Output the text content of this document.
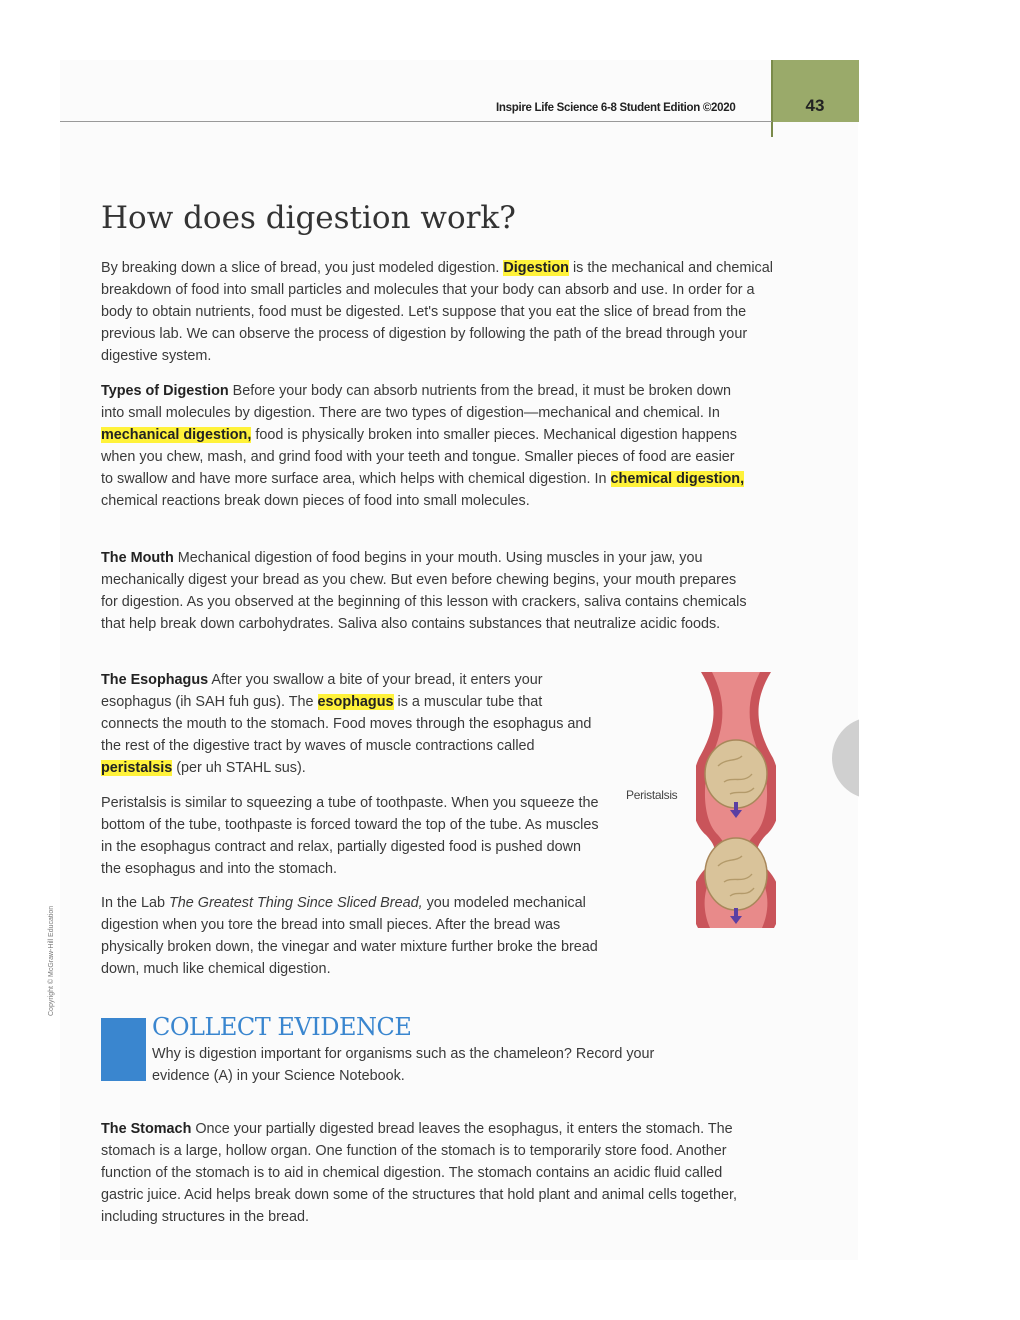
43
Inspire Life Science 6-8 Student Edition ©2020
How does digestion work?

By breaking down a slice of bread, you just modeled digestion. Digestion is the mechanical and chemical breakdown of food into small particles and molecules that your body can absorb and use. In order for a body to obtain nutrients, food must be digested. Let's suppose that you eat the slice of bread from the previous lab. We can observe the process of digestion by following the path of the bread through your digestive system.

Types of Digestion Before your body can absorb nutrients from the bread, it must be broken down into small molecules by digestion. There are two types of digestion—mechanical and chemical. In mechanical digestion, food is physically broken into smaller pieces. Mechanical digestion happens when you chew, mash, and grind food with your teeth and tongue. Smaller pieces of food are easier to swallow and have more surface area, which helps with chemical digestion. In chemical digestion, chemical reactions break down pieces of food into small molecules.

The Mouth Mechanical digestion of food begins in your mouth. Using muscles in your jaw, you mechanically digest your bread as you chew. But even before chewing begins, your mouth prepares for digestion. As you observed at the beginning of this lesson with crackers, saliva contains chemicals that help break down carbohydrates. Saliva also contains substances that neutralize acidic foods.

The Esophagus After you swallow a bite of your bread, it enters your esophagus (ih SAH fuh gus). The esophagus is a muscular tube that connects the mouth to the stomach. Food moves through the esophagus and the rest of the digestive tract by waves of muscle contractions called peristalsis (per uh STAHL sus).

Peristalsis is similar to squeezing a tube of toothpaste. When you squeeze the bottom of the tube, toothpaste is forced toward the top of the tube. As muscles in the esophagus contract and relax, partially digested food is pushed down the esophagus and into the stomach.

In the Lab The Greatest Thing Since Sliced Bread, you modeled mechanical digestion when you tore the bread into small pieces. After the bread was physically broken down, the vinegar and water mixture further broke the bread down, much like chemical digestion.

Peristalsis
Copyright © McGraw-Hill Education
COLLECT EVIDENCE

Why is digestion important for organisms such as the chameleon? Record your evidence (A) in your Science Notebook.

The Stomach Once your partially digested bread leaves the esophagus, it enters the stomach. The stomach is a large, hollow organ. One function of the stomach is to temporarily store food. Another function of the stomach is to aid in chemical digestion. The stomach contains an acidic fluid called gastric juice. Acid helps break down some of the structures that hold plant and animal cells together, including structures in the bread.
